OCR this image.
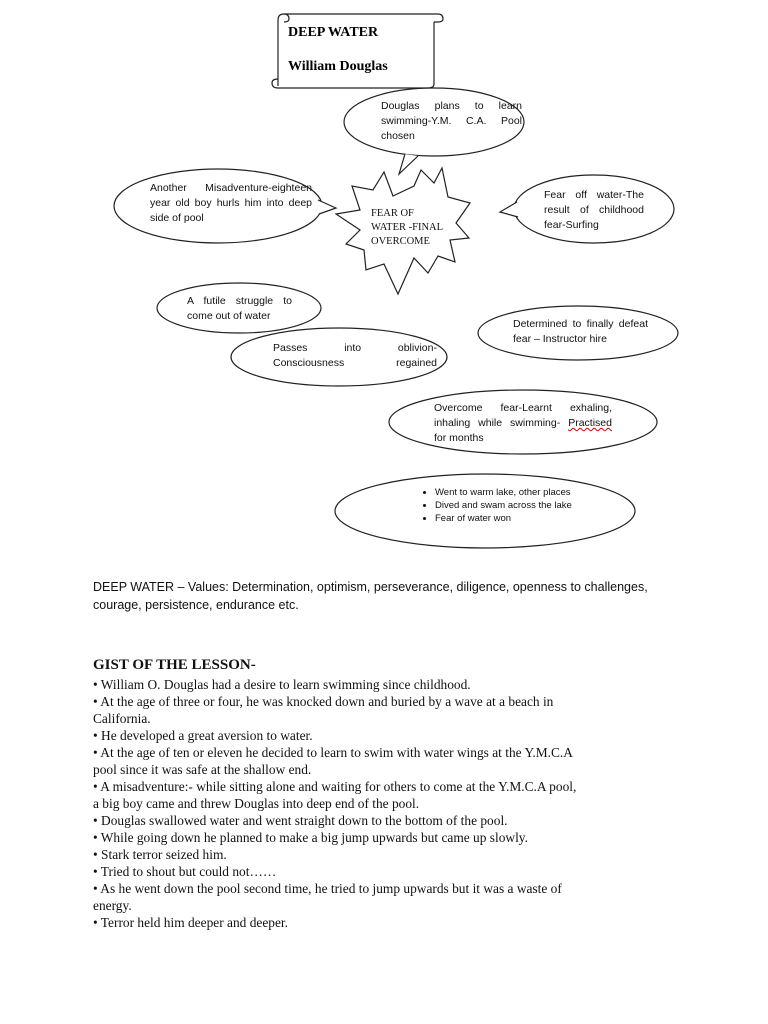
DEEP WATER
William Douglas
FEAR OF
WATER -FINAL
OVERCOME
Douglas plans to learn swimming-Y.M. C.A. Pool chosen
Another Misadventure-eighteen year old boy hurls him into deep side of pool
Fear off water-The result of childhood fear-Surfing
A futile struggle to come out of water
Determined to finally defeat fear – Instructor hire
Passes	into	oblivion-
Consciousness	regained
Overcome fear-Learnt exhaling, inhaling while swimming- Practised for months
• Went to warm lake, other places
• Dived and swam across the lake
• Fear of water won
DEEP WATER – Values: Determination, optimism, perseverance, diligence, openness to challenges, courage, persistence, endurance etc.
GIST OF THE LESSON-

• William O. Douglas had a desire to learn swimming since childhood.

• At the age of three or four, he was knocked down and buried by a wave at a beach in California.

• He developed a great aversion to water.

• At the age of ten or eleven he decided to learn to swim with water wings at the Y.M.C.A pool since it was safe at the shallow end.

• A misadventure:- while sitting alone and waiting for others to come at the Y.M.C.A pool, a big boy came and threw Douglas into deep end of the pool.

• Douglas swallowed water and went straight down to the bottom of the pool.

• While going down he planned to make a big jump upwards but came up slowly.

• Stark terror seized him.

• Tried to shout but could not……

• As he went down the pool second time, he tried to jump upwards but it was a waste of energy.

• Terror held him deeper and deeper.
